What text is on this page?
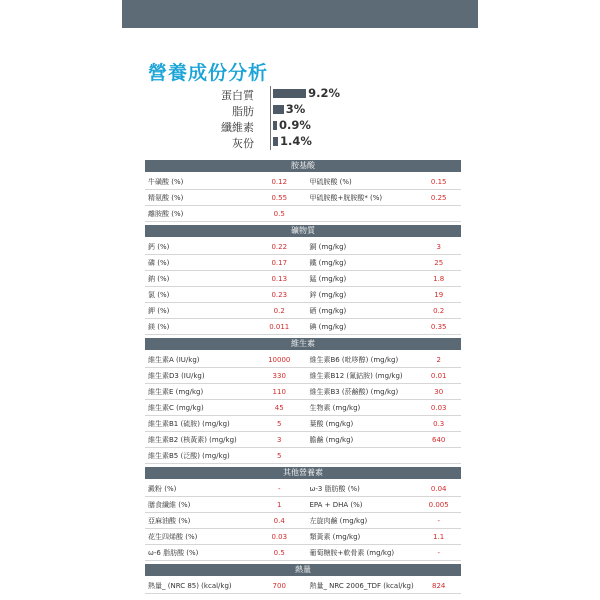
營養成份分析
蛋白質	9.2%
脂肪	3%
纖維素 0.9%
灰份 1.4%
胺基酸
牛磺酸 (%)	0.12	甲硫胺酸 (%)	0.15
精氨酸 (%)	0.55	甲硫胺酸+胱胺酸* (%)	0.25
離胺酸 (%)	0.5
礦物質
鈣 (%)	0.22	銅 (mg/kg)	3
磷 (%)	0.17	鐵 (mg/kg)	25
鈉 (%)	0.13	錳 (mg/kg)	1.8
氯 (%)	0.23	鋅 (mg/kg)	19
鉀 (%)	0.2	硒 (mg/kg)	0.2
鎂 (%)	0.011	碘 (mg/kg)	0.35
維生素
維生素A (IU/kg)	10000	維生素B6 (吡哆醇) (mg/kg)	2
維生素D3 (IU/kg)	330	維生素B12 (氰鈷胺) (mg/kg)	0.01
維生素E (mg/kg)	110	維生素B3 (菸鹼酸) (mg/kg)	30
維生素C (mg/kg)	45	生物素 (mg/kg)	0.03
維生素B1 (硫胺) (mg/kg)	5	葉酸 (mg/kg)	0.3
維生素B2 (核黃素) (mg/kg)	3	膽鹼 (mg/kg)	640
維生素B5 (泛酸) (mg/kg)	5
其他營養素
澱粉 (%)	-	ω-3 脂肪酸 (%)	0.04
膳食纖維 (%)	1	EPA + DHA (%)	0.005
亞麻油酸 (%)	0.4	左旋肉鹼 (mg/kg)	-
花生四烯酸 (%)	0.03	類黃素 (mg/kg)	1.1
ω-6 脂肪酸 (%)	0.5	葡萄糖胺+軟骨素 (mg/kg)	-
熱量
熱量_ (NRC 85) (kcal/kg)	700	熱量_ NRC 2006_TDF (kcal/kg)	824
